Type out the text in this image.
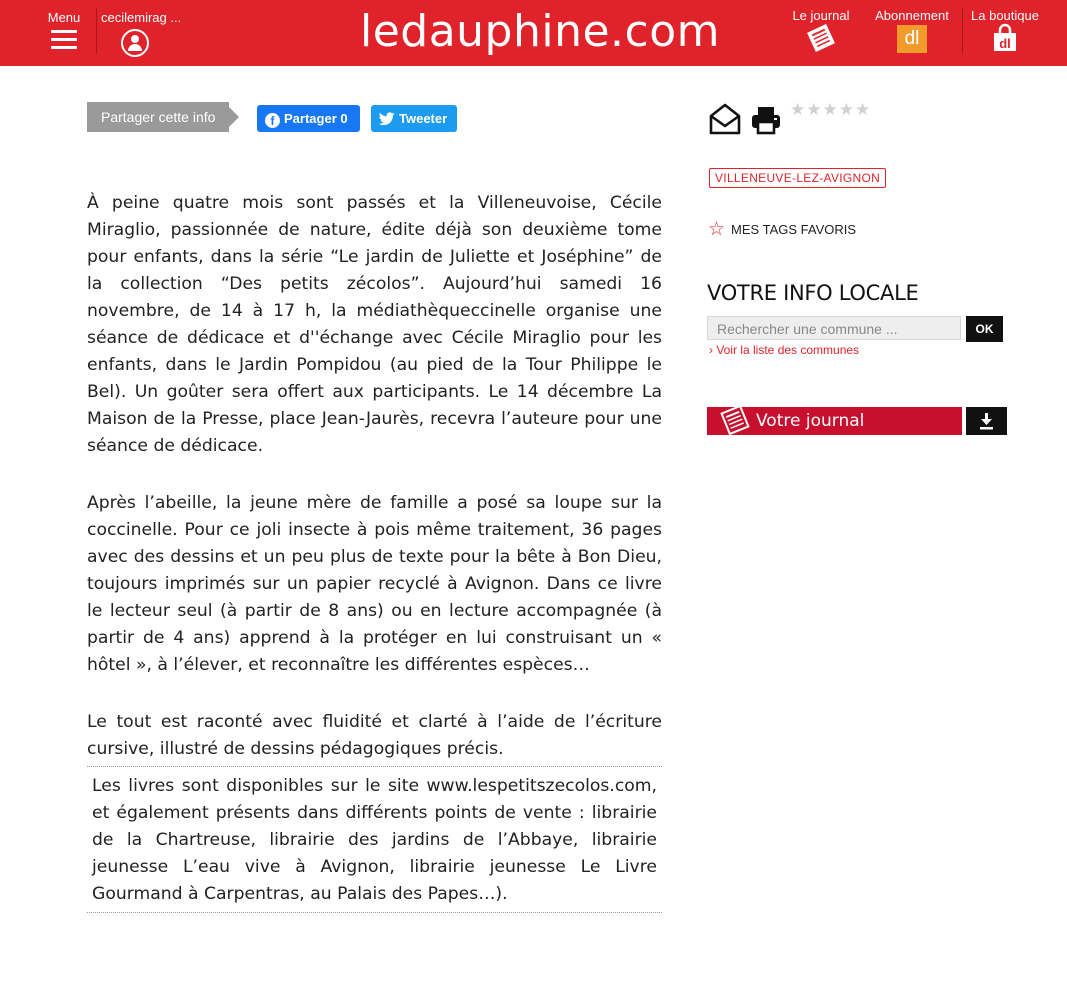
Menu cecilemirag ...	ledauphine.com	Le journal	Abonnement
dl
La boutique
dl
Partager cette info	f Partager 0	Tweeter

À peine quatre mois sont passés et la Villeneuvoise, Cécile Miraglio, passionnée de nature, édite déjà son deuxième tome pour enfants, dans la série “Le jardin de Juliette et Joséphine” de la collection “Des petits zécolos”. Aujourd’hui samedi 16 novembre, de 14 à 17 h, la médiathèqueccinelle organise une séance de dédicace et d''échange avec Cécile Miraglio pour les enfants, dans le Jardin Pompidou (au pied de la Tour Philippe le Bel). Un goûter sera offert aux participants. Le 14 décembre La Maison de la Presse, place Jean-Jaurès, recevra l’auteure pour une séance de dédicace.

Après l’abeille, la jeune mère de famille a posé sa loupe sur la coccinelle. Pour ce joli insecte à pois même traitement, 36 pages avec des dessins et un peu plus de texte pour la bête à Bon Dieu, toujours imprimés sur un papier recyclé à Avignon. Dans ce livre le lecteur seul (à partir de 8 ans) ou en lecture accompagnée (à partir de 4 ans) apprend à la protéger en lui construisant un « hôtel », à l’élever, et reconnaître les différentes espèces…

Le tout est raconté avec fluidité et clarté à l’aide de l’écriture cursive, illustré de dessins pédagogiques précis.

Les livres sont disponibles sur le site www.lespetitszecolos.com, et également présents dans différents points de vente : librairie de la Chartreuse, librairie des jardins de l’Abbaye, librairie jeunesse L’eau vive à Avignon, librairie jeunesse Le Livre Gourmand à Carpentras, au Palais des Papes…).

★★★★★
VILLENEUVE-LEZ-AVIGNON
☆ MES TAGS FAVORIS
VOTRE INFO LOCALE
Rechercher une commune ...	OK
› Voir la liste des communes
Votre journal
